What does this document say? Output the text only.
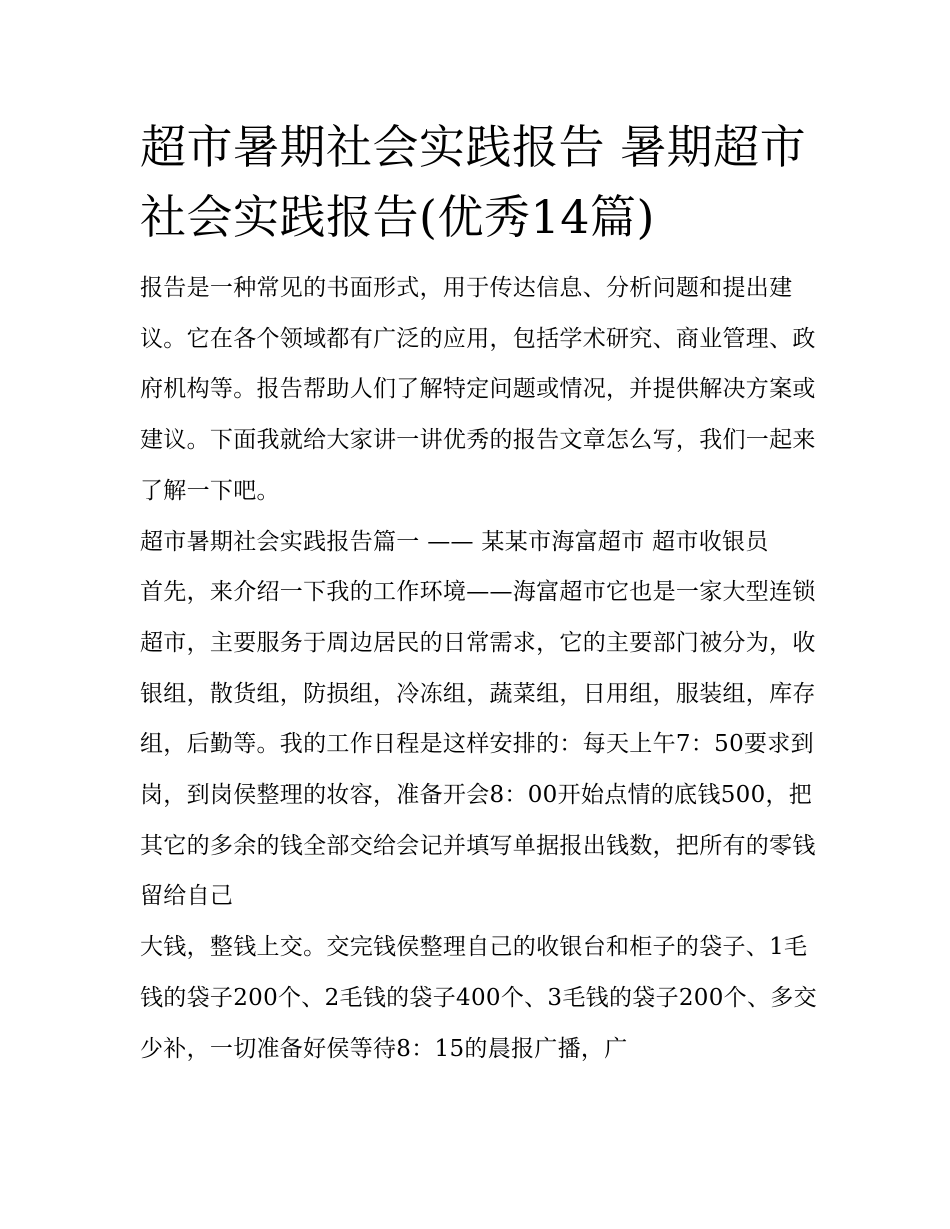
超市暑期社会实践报告 暑期超市社会实践报告(优秀14篇)

报告是一种常见的书面形式，用于传达信息、分析问题和提出建议。它在各个领域都有广泛的应用，包括学术研究、商业管理、政府机构等。报告帮助人们了解特定问题或情况，并提供解决方案或建议。下面我就给大家讲一讲优秀的报告文章怎么写，我们一起来了解一下吧。

超市暑期社会实践报告篇一 —— 某某市海富超市 超市收银员

首先，来介绍一下我的工作环境——海富超市它也是一家大型连锁超市，主要服务于周边居民的日常需求，它的主要部门被分为，收银组，散货组，防损组，冷冻组，蔬菜组，日用组，服装组，库存组，后勤等。我的工作日程是这样安排的：每天上午7：50要求到岗，到岗侯整理的妆容，准备开会8：00开始点情的底钱500，把其它的多余的钱全部交给会记并填写单据报出钱数，把所有的零钱留给自己

大钱，整钱上交。交完钱侯整理自己的收银台和柜子的袋子、1毛钱的袋子200个、2毛钱的袋子400个、3毛钱的袋子200个、多交少补，一切准备好侯等待8：15的晨报广播，广
